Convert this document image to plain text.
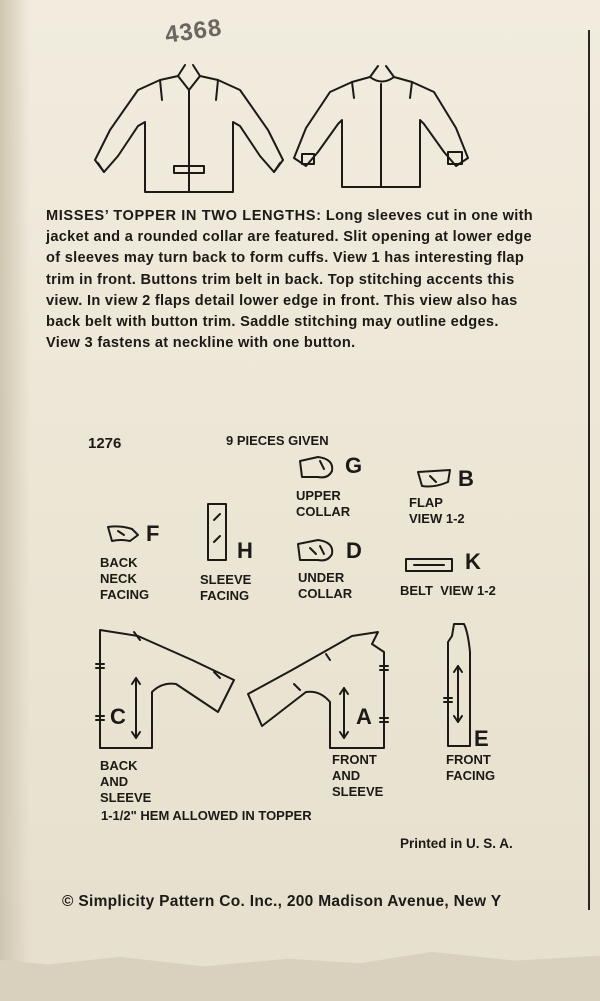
4368

MISSES’ TOPPER IN TWO LENGTHS: Long sleeves cut in one with jacket and a rounded collar are featured. Slit opening at lower edge of sleeves may turn back to form cuffs. View 1 has interesting flap trim in front. Buttons trim belt in back. Top stitching accents this view. In view 2 flaps detail lower edge in front. This view also has back belt with button trim. Saddle stitching may outline edges. View 3 fastens at neckline with one button.

1276	9 PIECES GIVEN
G
UPPER
COLLAR
B
FLAP
VIEW 1-2
F
BACK
NECK
FACING
H
SLEEVE
FACING
D
UNDER
COLLAR
K
BELT  VIEW 1-2
C
BACK
AND
SLEEVE
A
FRONT
AND
SLEEVE
E
FRONT
FACING
1-1/2" HEM ALLOWED IN TOPPER
Printed in U. S. A.
© Simplicity Pattern Co. Inc., 200 Madison Avenue, New Y
